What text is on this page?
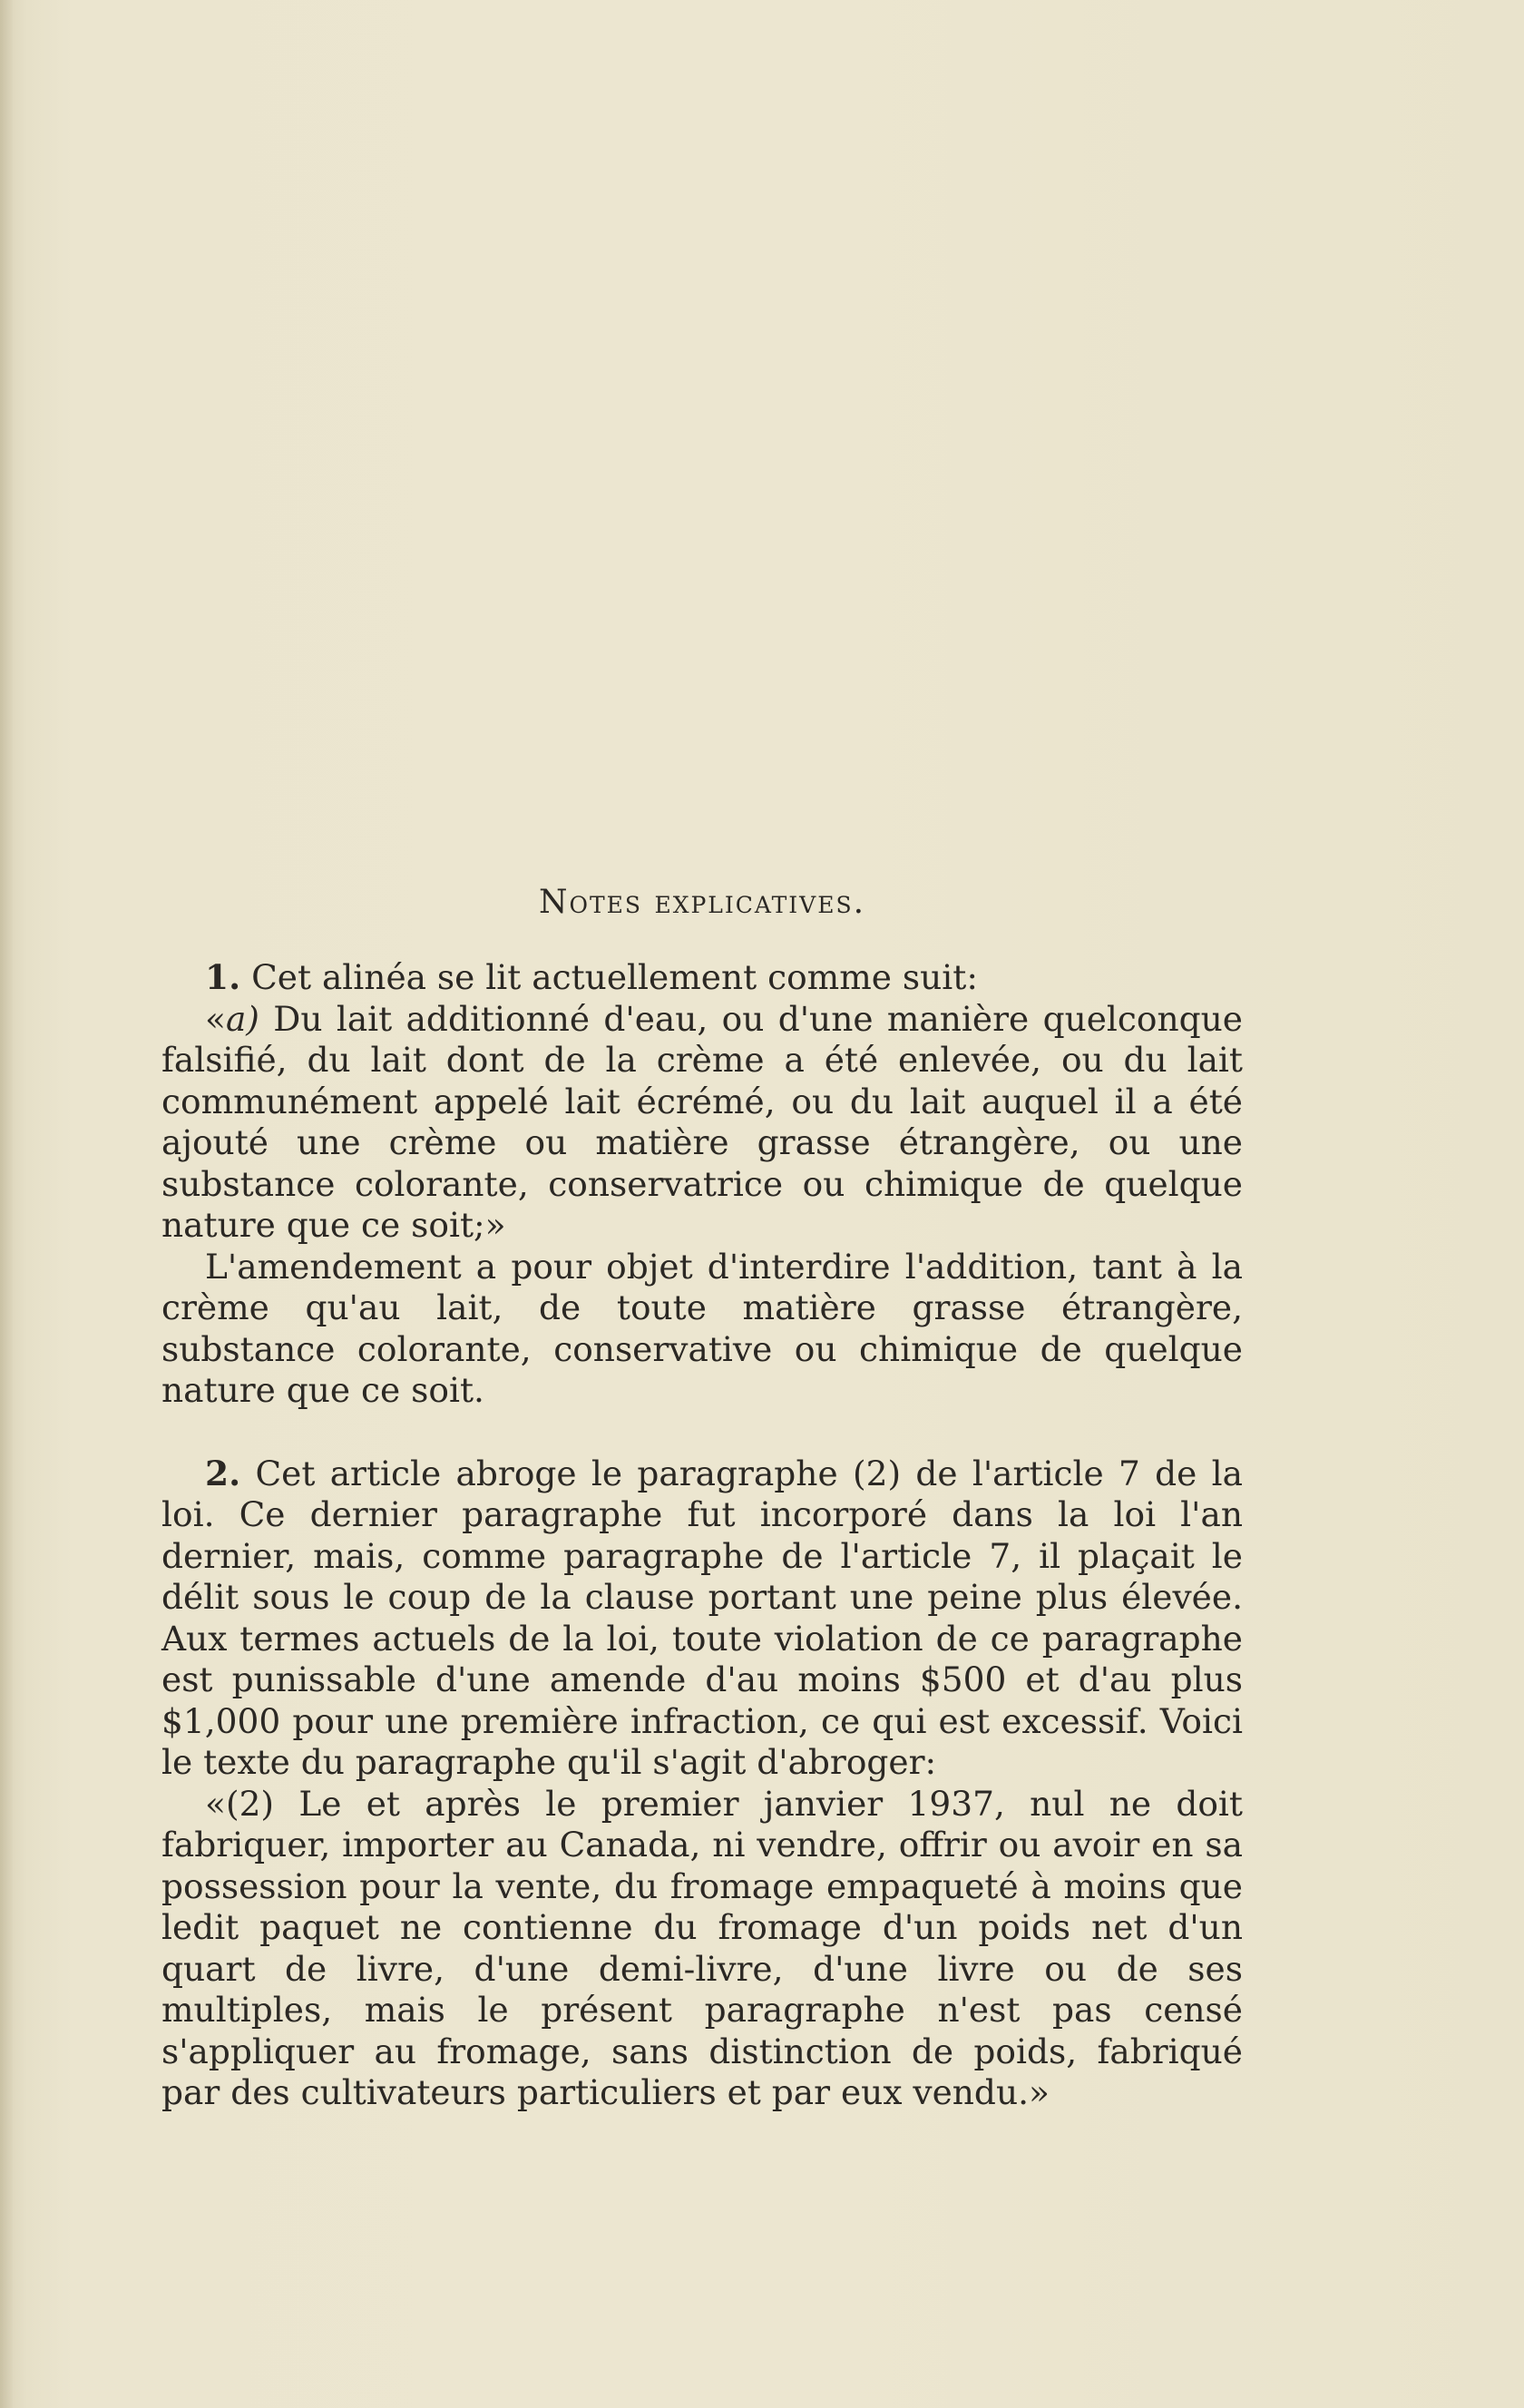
Notes explicatives.

1. Cet alinéa se lit actuellement comme suit:

«a) Du lait additionné d'eau, ou d'une manière quelconque falsifié, du lait dont de la crème a été enlevée, ou du lait communément appelé lait écrémé, ou du lait auquel il a été ajouté une crème ou matière grasse étrangère, ou une substance colorante, conservatrice ou chimique de quelque nature que ce soit;»

L'amendement a pour objet d'interdire l'addition, tant à la crème qu'au lait, de toute matière grasse étrangère, substance colorante, conservative ou chimique de quelque nature que ce soit.

2. Cet article abroge le paragraphe (2) de l'article 7 de la loi. Ce dernier paragraphe fut incorporé dans la loi l'an dernier, mais, comme paragraphe de l'article 7, il plaçait le délit sous le coup de la clause portant une peine plus élevée. Aux termes actuels de la loi, toute violation de ce paragraphe est punissable d'une amende d'au moins $500 et d'au plus $1,000 pour une première infraction, ce qui est excessif. Voici le texte du paragraphe qu'il s'agit d'abroger:

«(2) Le et après le premier janvier 1937, nul ne doit fabriquer, importer au Canada, ni vendre, offrir ou avoir en sa possession pour la vente, du fromage empaqueté à moins que ledit paquet ne contienne du fromage d'un poids net d'un quart de livre, d'une demi-livre, d'une livre ou de ses multiples, mais le présent paragraphe n'est pas censé s'appliquer au fromage, sans distinction de poids, fabriqué par des cultivateurs particuliers et par eux vendu.»
